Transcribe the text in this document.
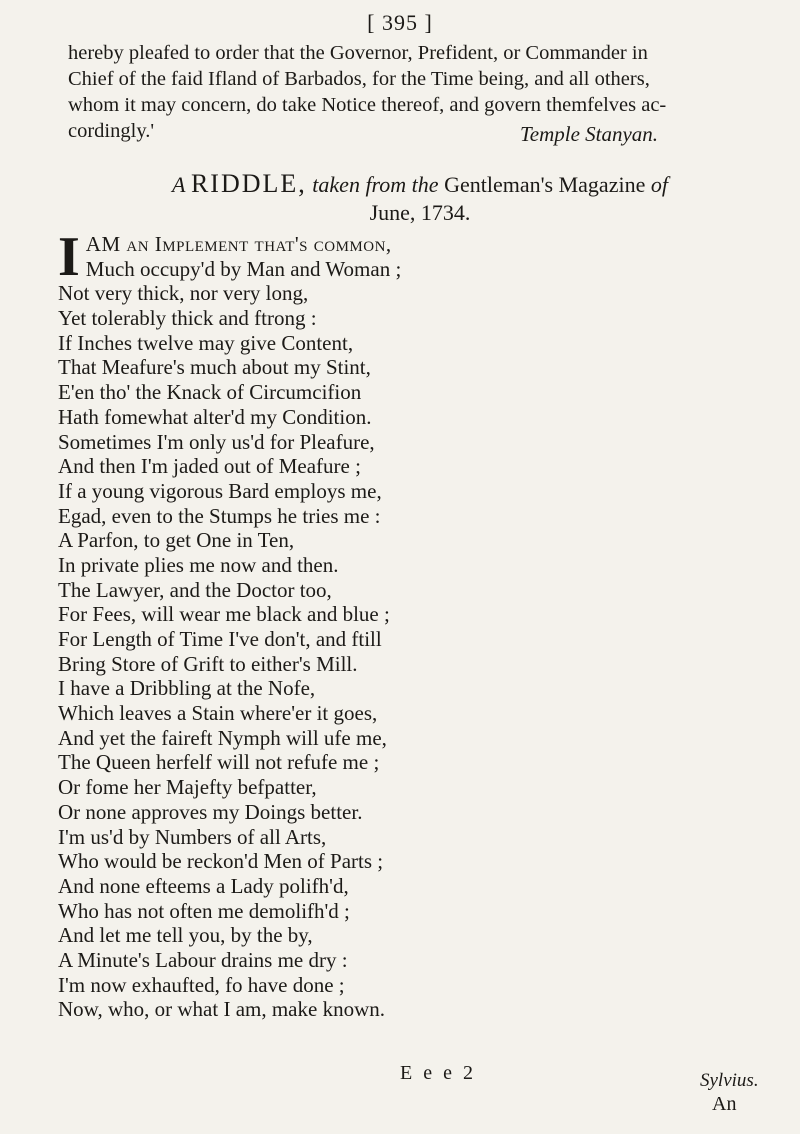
[ 395 ]
hereby pleafed to order that the Governor, Prefident, or Commander in
Chief of the faid Ifland of Barbados, for the Time being, and all others,
whom it may concern, do take Notice thereof, and govern themfelves ac-
cordingly.'	Temple Stanyan.
A RIDDLE, taken from the Gentleman's Magazine of
June, 1734.
I AM an Implement that's common,
Much occupy'd by Man and Woman ;
Not very thick, nor very long,
Yet tolerably thick and ftrong :
If Inches twelve may give Content,
That Meafure's much about my Stint,
E'en tho' the Knack of Circumcifion
Hath fomewhat alter'd my Condition.
Sometimes I'm only us'd for Pleafure,
And then I'm jaded out of Meafure ;
If a young vigorous Bard employs me,
Egad, even to the Stumps he tries me :
A Parfon, to get One in Ten,
In private plies me now and then.
The Lawyer, and the Doctor too,
For Fees, will wear me black and blue ;
For Length of Time I've don't, and ftill
Bring Store of Grift to either's Mill.
I have a Dribbling at the Nofe,
Which leaves a Stain where'er it goes,
And yet the faireft Nymph will ufe me,
The Queen herfelf will not refufe me ;
Or fome her Majefty befpatter,
Or none approves my Doings better.
I'm us'd by Numbers of all Arts,
Who would be reckon'd Men of Parts ;
And none efteems a Lady polifh'd,
Who has not often me demolifh'd ;
And let me tell you, by the by,
A Minute's Labour drains me dry :
I'm now exhaufted, fo have done ;
Now, who, or what I am, make known.
E e e 2	Sylvius.
An
